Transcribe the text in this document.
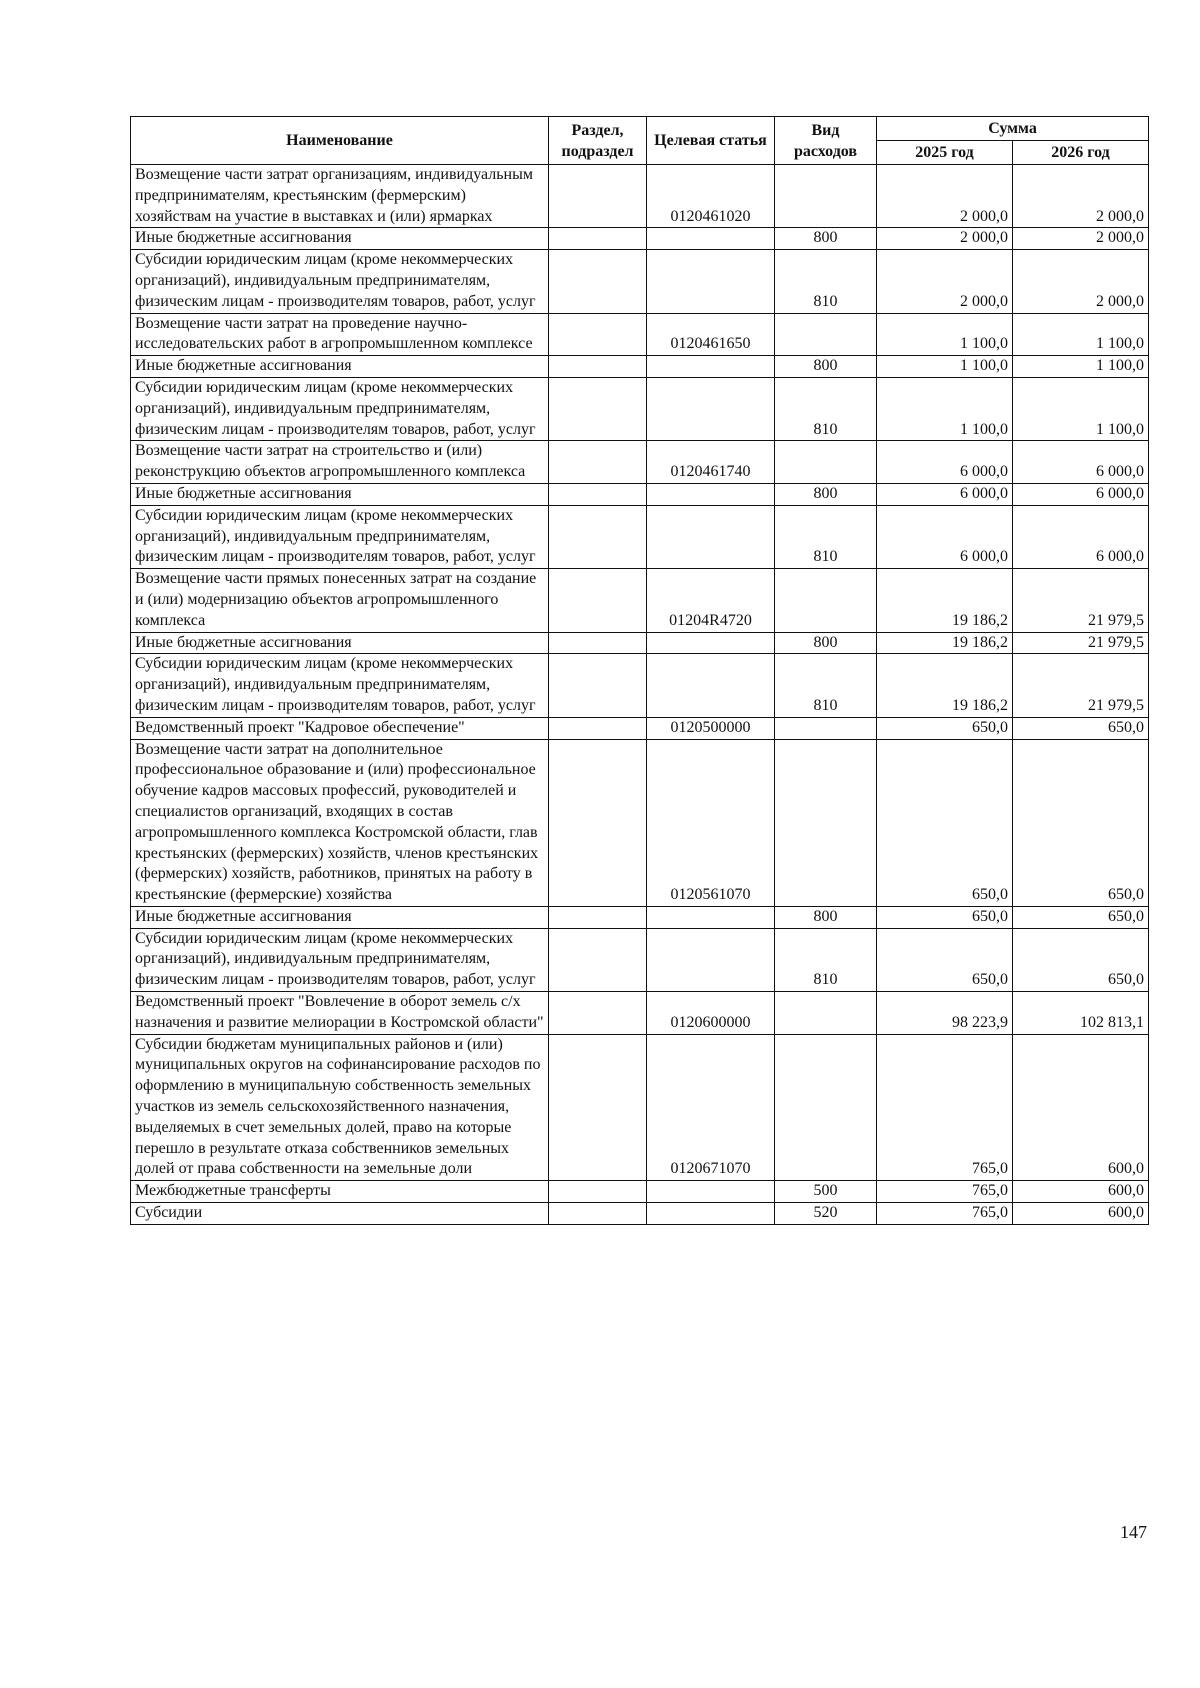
Наименование	Раздел, подраздел	Целевая статья	Вид расходов	Сумма	
				2025 год	2026 год
Возмещение части затрат организациям, индивидуальным предпринимателям, крестьянским (фермерским) хозяйствам на участие в выставках и (или) ярмарках		0120461020		2 000,0	2 000,0
Иные бюджетные ассигнования			800	2 000,0	2 000,0
Субсидии юридическим лицам (кроме некоммерческих организаций), индивидуальным предпринимателям, физическим лицам - производителям товаров, работ, услуг			810	2 000,0	2 000,0
Возмещение части затрат на проведение научно-исследовательских работ в агропромышленном комплексе		0120461650		1 100,0	1 100,0
Иные бюджетные ассигнования			800	1 100,0	1 100,0
Субсидии юридическим лицам (кроме некоммерческих организаций), индивидуальным предпринимателям, физическим лицам - производителям товаров, работ, услуг			810	1 100,0	1 100,0
Возмещение части затрат на строительство и (или) реконструкцию объектов агропромышленного комплекса		0120461740		6 000,0	6 000,0
Иные бюджетные ассигнования			800	6 000,0	6 000,0
Субсидии юридическим лицам (кроме некоммерческих организаций), индивидуальным предпринимателям, физическим лицам - производителям товаров, работ, услуг			810	6 000,0	6 000,0
Возмещение части прямых понесенных затрат на создание и (или) модернизацию объектов агропромышленного комплекса		01204R4720		19 186,2	21 979,5
Иные бюджетные ассигнования			800	19 186,2	21 979,5
Субсидии юридическим лицам (кроме некоммерческих организаций), индивидуальным предпринимателям, физическим лицам - производителям товаров, работ, услуг			810	19 186,2	21 979,5
Ведомственный проект "Кадровое обеспечение"		0120500000		650,0	650,0
Возмещение части затрат на дополнительное профессиональное образование и (или) профессиональное обучение кадров массовых профессий, руководителей и специалистов организаций, входящих в состав агропромышленного комплекса Костромской области, глав крестьянских (фермерских) хозяйств, членов крестьянских (фермерских) хозяйств, работников, принятых на работу в крестьянские (фермерские) хозяйства		0120561070		650,0	650,0
Иные бюджетные ассигнования			800	650,0	650,0
Субсидии юридическим лицам (кроме некоммерческих организаций), индивидуальным предпринимателям, физическим лицам - производителям товаров, работ, услуг			810	650,0	650,0
Ведомственный проект "Вовлечение в оборот земель с/х назначения и развитие мелиорации в Костромской области"		0120600000		98 223,9	102 813,1
Субсидии бюджетам муниципальных районов и (или) муниципальных округов на софинансирование расходов по оформлению в муниципальную собственность земельных участков из земель сельскохозяйственного назначения, выделяемых в счет земельных долей, право на которые перешло в результате отказа собственников земельных долей от права собственности на земельные доли		0120671070		765,0	600,0
Межбюджетные трансферты			500	765,0	600,0
Субсидии			520	765,0	600,0
147
